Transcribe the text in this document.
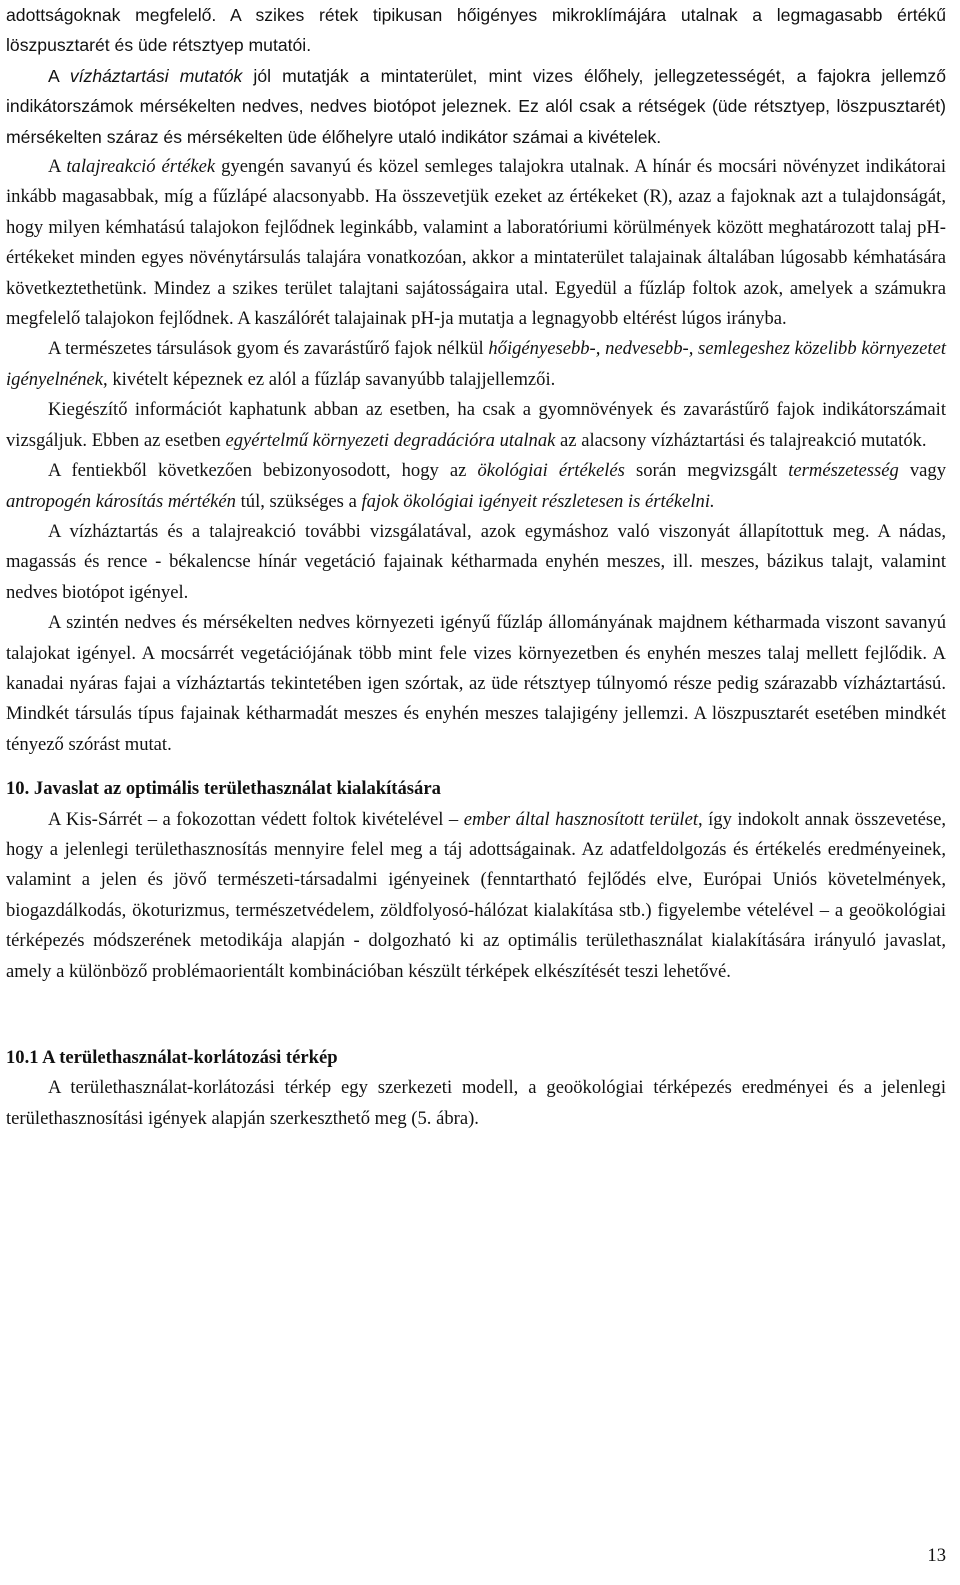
adottságoknak megfelelő. A szikes rétek tipikusan hőigényes mikroklímájára utalnak a legmagasabb értékű löszpusztarét és üde rétsztyep mutatói.

A vízháztartási mutatók jól mutatják a mintaterület, mint vizes élőhely, jellegzetességét, a fajokra jellemző indikátorszámok mérsékelten nedves, nedves biotópot jeleznek. Ez alól csak a rétségek (üde rétsztyep, löszpusztarét) mérsékelten száraz és mérsékelten üde élőhelyre utaló indikátor számai a kivételek.

A talajreakció értékek gyengén savanyú és közel semleges talajokra utalnak. A hínár és mocsári növényzet indikátorai inkább magasabbak, míg a fűzlápé alacsonyabb. Ha összevetjük ezeket az értékeket (R), azaz a fajoknak azt a tulajdonságát, hogy milyen kémhatású talajokon fejlődnek leginkább, valamint a laboratóriumi körülmények között meghatározott talaj pH-értékeket minden egyes növénytársulás talajára vonatkozóan, akkor a mintaterület talajainak általában lúgosabb kémhatására következtethetünk. Mindez a szikes terület talajtani sajátosságaira utal. Egyedül a fűzláp foltok azok, amelyek a számukra megfelelő talajokon fejlődnek. A kaszálórét talajainak pH-ja mutatja a legnagyobb eltérést lúgos irányba.

A természetes társulások gyom és zavarástűrő fajok nélkül hőigényesebb-, nedvesebb-, semlegeshez közelibb környezetet igényelnének, kivételt képeznek ez alól a fűzláp savanyúbb talajjellemzői.

Kiegészítő információt kaphatunk abban az esetben, ha csak a gyomnövények és zavarástűrő fajok indikátorszámait vizsgáljuk. Ebben az esetben egyértelmű környezeti degradációra utalnak az alacsony vízháztartási és talajreakció mutatók.

A fentiekből következően bebizonyosodott, hogy az ökológiai értékelés során megvizsgált természetesség vagy antropogén károsítás mértékén túl, szükséges a fajok ökológiai igényeit részletesen is értékelni.

A vízháztartás és a talajreakció további vizsgálatával, azok egymáshoz való viszonyát állapítottuk meg. A nádas, magassás és rence - békalencse hínár vegetáció fajainak kétharmada enyhén meszes, ill. meszes, bázikus talajt, valamint nedves biotópot igényel.

A szintén nedves és mérsékelten nedves környezeti igényű fűzláp állományának majdnem kétharmada viszont savanyú talajokat igényel. A mocsárrét vegetációjának több mint fele vizes környezetben és enyhén meszes talaj mellett fejlődik. A kanadai nyáras fajai a vízháztartás tekintetében igen szórtak, az üde rétsztyep túlnyomó része pedig szárazabb vízháztartású. Mindkét társulás típus fajainak kétharmadát meszes és enyhén meszes talajigény jellemzi. A löszpusztarét esetében mindkét tényező szórást mutat.

10. Javaslat az optimális területhasználat kialakítására

A Kis-Sárrét – a fokozottan védett foltok kivételével – ember által hasznosított terület, így indokolt annak összevetése, hogy a jelenlegi területhasznosítás mennyire felel meg a táj adottságainak. Az adatfeldolgozás és értékelés eredményeinek, valamint a jelen és jövő természeti-társadalmi igényeinek (fenntartható fejlődés elve, Európai Uniós követelmények, biogazdálkodás, ökoturizmus, természetvédelem, zöldfolyosó-hálózat kialakítása stb.) figyelembe vételével – a geoökológiai térképezés módszerének metodikája alapján - dolgozható ki az optimális területhasználat kialakítására irányuló javaslat, amely a különböző problémaorientált kombinációban készült térképek elkészítését teszi lehetővé.

10.1 A területhasználat-korlátozási térkép

A területhasználat-korlátozási térkép egy szerkezeti modell, a geoökológiai térképezés eredményei és a jelenlegi területhasznosítási igények alapján szerkeszthető meg (5. ábra).

13
